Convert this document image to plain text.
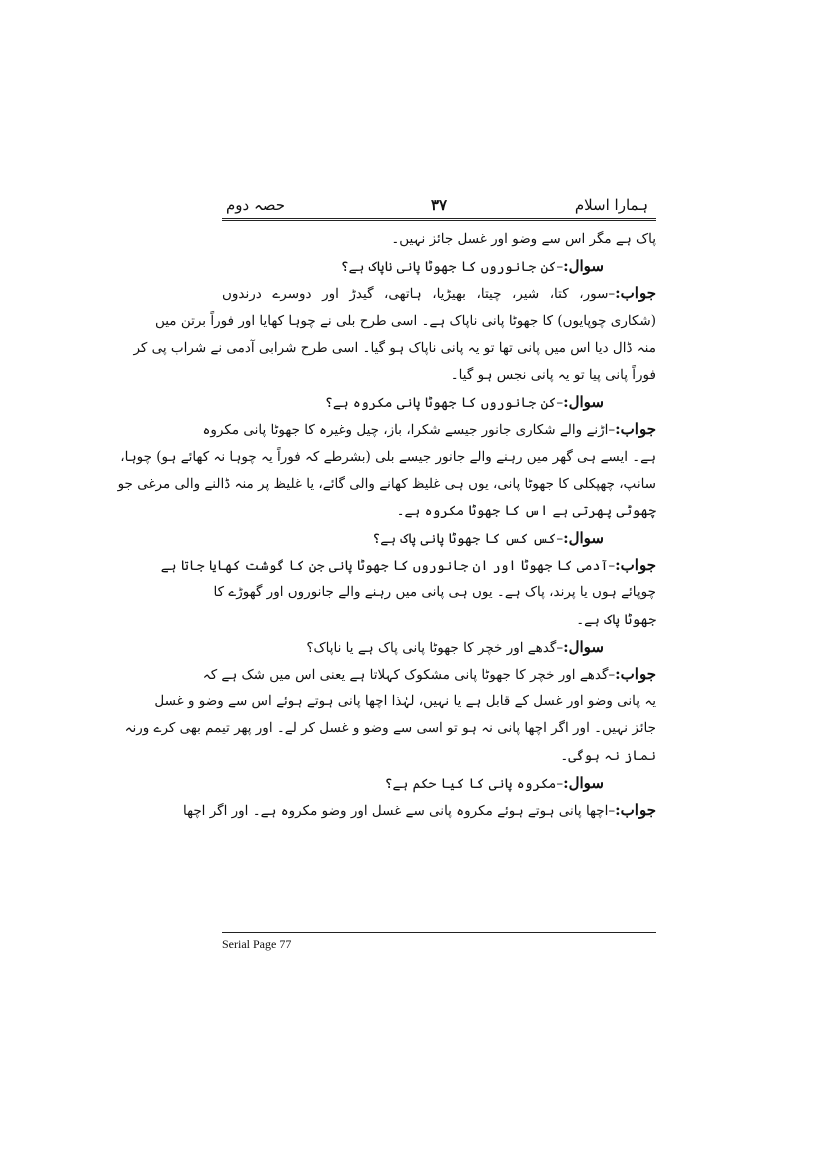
ہمارا اسلام
۳۷
حصہ دوم
پاک ہے مگر اس سے وضو اور غسل جائز نہیں۔
سوال:–کن جانوروں کا جھوٹا پانی ناپاک ہے؟
جواب:–سور، کتا، شیر، چیتا، بھیڑیا، ہاتھی، گیدڑ اور دوسرے درندوں
(شکاری چوپایوں) کا جھوٹا پانی ناپاک ہے۔ اسی طرح بلی نے چوہا کھایا اور فوراً برتن میں
منہ ڈال دیا اس میں پانی تھا تو یہ پانی ناپاک ہو گیا۔ اسی طرح شرابی آدمی نے شراب پی کر
فوراً پانی پیا تو یہ پانی نجس ہو گیا۔
سوال:–کن جانوروں کا جھوٹا پانی مکروہ ہے؟
جواب:–اڑنے والے شکاری جانور جیسے شکرا، باز، چیل وغیرہ کا جھوٹا پانی مکروہ
ہے۔ ایسے ہی گھر میں رہنے والے جانور جیسے بلی (بشرطے کہ فوراً یہ چوہا نہ کھائے ہو) چوہا،
سانپ، چھپکلی کا جھوٹا پانی، یوں ہی غلیظ کھانے والی گائے، یا غلیظ پر منہ ڈالنے والی مرغی جو
چھوٹی پھرتی ہے اس کا جھوٹا مکروہ ہے۔
سوال:–کس کس کا جھوٹا پانی پاک ہے؟
جواب:–آدمی کا جھوٹا اور ان جانوروں کا جھوٹا پانی جن کا گوشت کھایا جاتا ہے
چوپائے ہوں یا پرند، پاک ہے۔ یوں ہی پانی میں رہنے والے جانوروں اور گھوڑے کا
جھوٹا پاک ہے۔
سوال:–گدھے اور خچر کا جھوٹا پانی پاک ہے یا ناپاک؟
جواب:–گدھے اور خچر کا جھوٹا پانی مشکوک کہلاتا ہے یعنی اس میں شک ہے کہ
یہ پانی وضو اور غسل کے قابل ہے یا نہیں، لہٰذا اچھا پانی ہوتے ہوئے اس سے وضو و غسل
جائز نہیں۔ اور اگر اچھا پانی نہ ہو تو اسی سے وضو و غسل کر لے۔ اور پھر تیمم بھی کرے ورنہ
نماز نہ ہوگی۔
سوال:–مکروہ پانی کا کیا حکم ہے؟
جواب:–اچھا پانی ہوتے ہوئے مکروہ پانی سے غسل اور وضو مکروہ ہے۔ اور اگر اچھا
Serial Page 77
